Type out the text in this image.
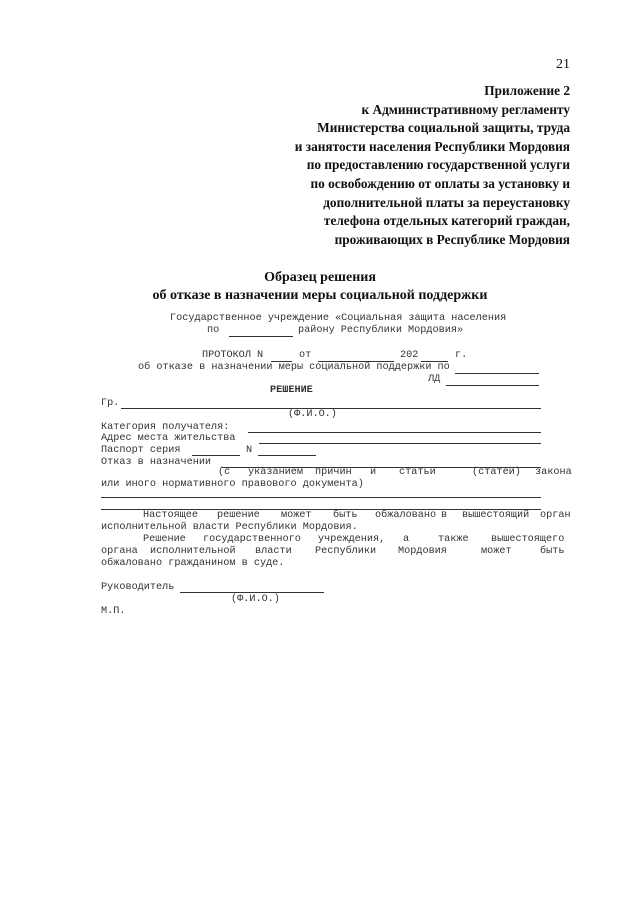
21
Приложение 2
к Административному регламенту
Министерства социальной защиты, труда
и занятости населения Республики Мордовия
по предоставлению государственной услуги
по освобождению от оплаты за установку и
дополнительной платы за переустановку
телефона отдельных категорий граждан,
проживающих в Республике Мордовия
Образец решения
об отказе в назначении меры социальной поддержки
Государственное учреждение «Социальная защита населения
по	району Республики Мордовия»
ПРОТОКОЛ N	от	202	г.
об отказе в назначении меры социальной поддержки по
ЛД
РЕШЕНИЕ
Гр.
(Ф.И.О.)
Категория получателя:
Адрес места жительства
Паспорт серия	N
Отказ в назначении
(с указанием причин и статьи	(статей) закона
или иного нормативного правового документа)
Настоящее решение может быть обжаловано в вышестоящий орган
исполнительной власти Республики Мордовия.
Решение государственного учреждения, а	также вышестоящего
органа исполнительной власти Республики Мордовия	может	быть
обжаловано гражданином в суде.
Руководитель
(Ф.И.О.)
М.П.
